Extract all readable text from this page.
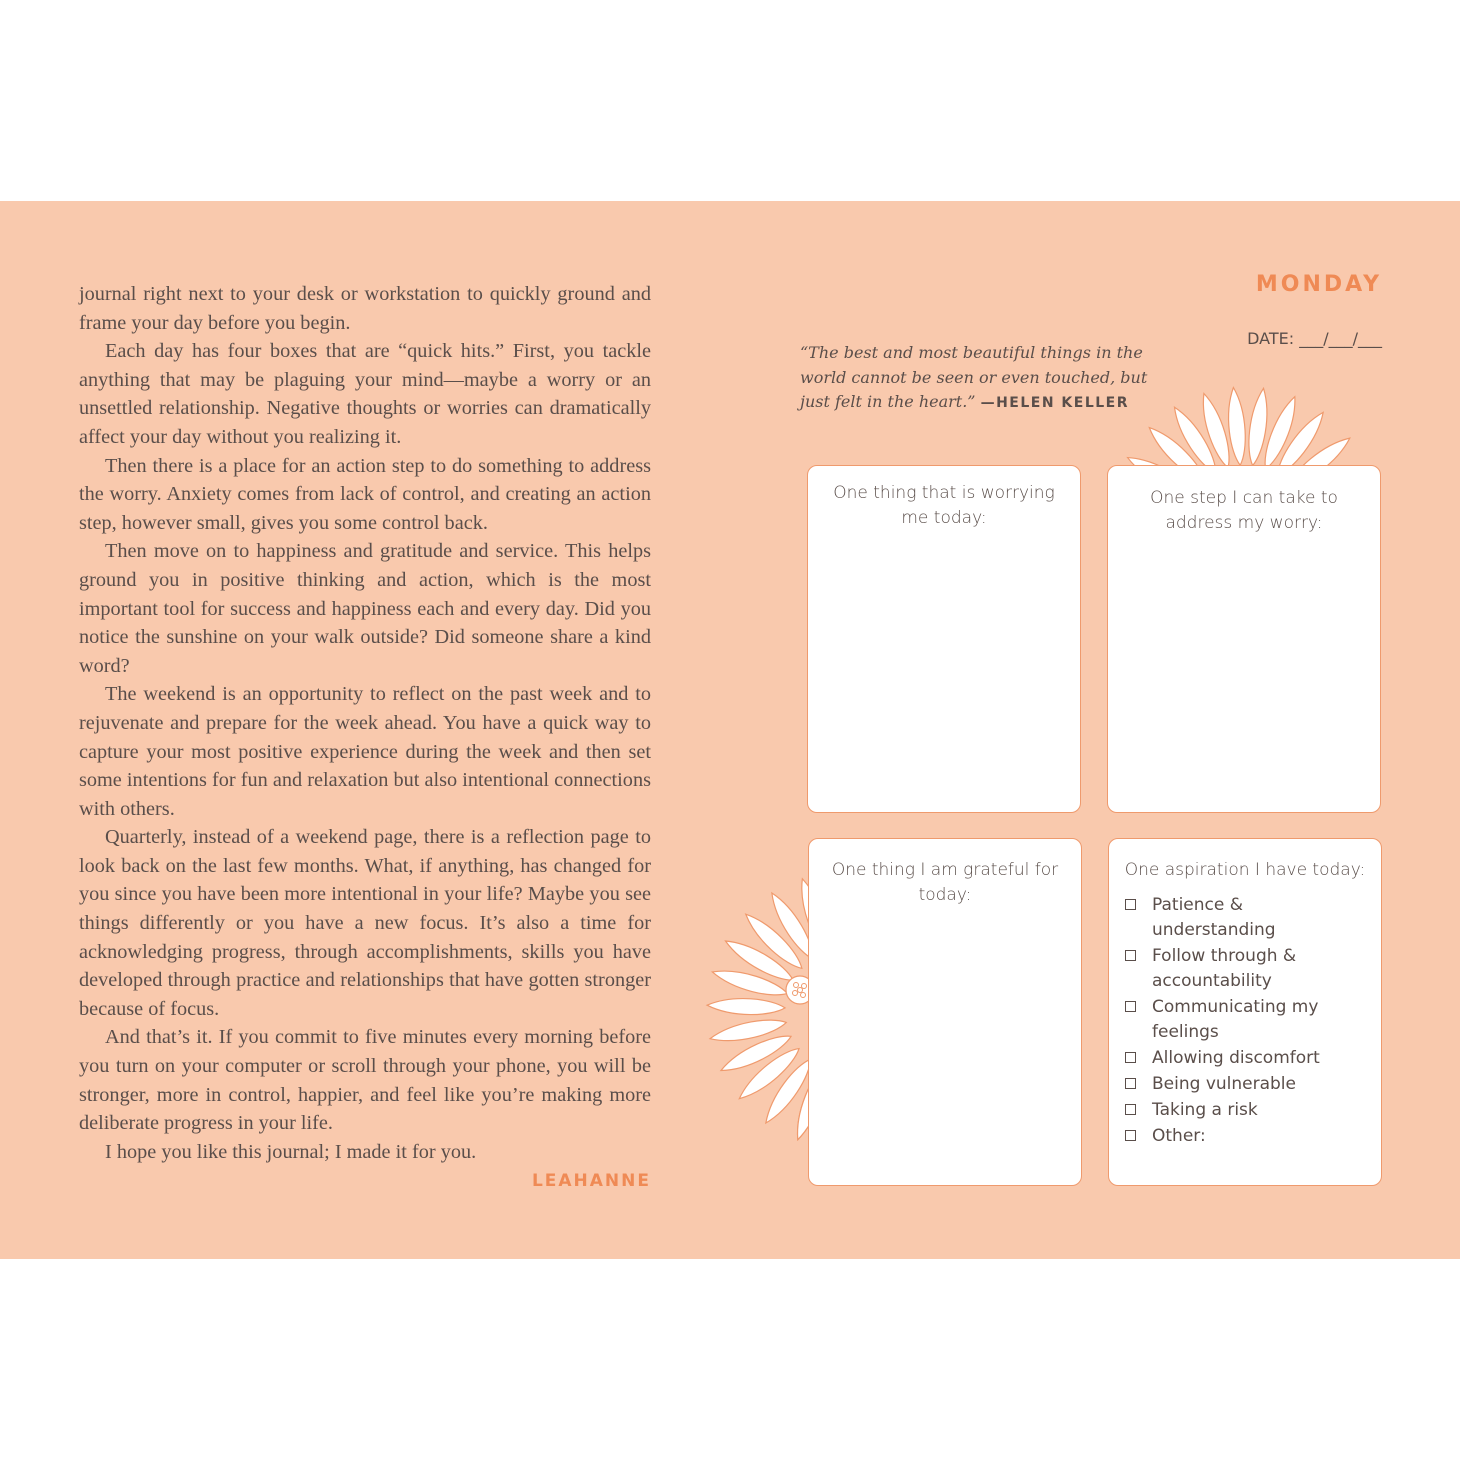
journal right next to your desk or workstation to quickly ground and frame your day before you begin.

Each day has four boxes that are “quick hits.” First, you tackle anything that may be plaguing your mind—maybe a worry or an unsettled relationship. Negative thoughts or worries can dramatically affect your day without you realizing it.

Then there is a place for an action step to do something to address the worry. Anxiety comes from lack of control, and creating an action step, however small, gives you some control back.

Then move on to happiness and gratitude and service. This helps ground you in positive thinking and action, which is the most important tool for success and happiness each and every day. Did you notice the sunshine on your walk outside? Did someone share a kind word?

The weekend is an opportunity to reflect on the past week and to rejuvenate and prepare for the week ahead. You have a quick way to capture your most positive experience during the week and then set some intentions for fun and relaxation but also intentional connections with others.

Quarterly, instead of a weekend page, there is a reflection page to look back on the last few months. What, if anything, has changed for you since you have been more intentional in your life? Maybe you see things differently or you have a new focus. It’s also a time for acknowledging progress, through accomplishments, skills you have developed through practice and relationships that have gotten stronger because of focus.

And that’s it. If you commit to five minutes every morning before you turn on your computer or scroll through your phone, you will be stronger, more in control, happier, and feel like you’re making more deliberate progress in your life.

I hope you like this journal; I made it for you.

LEAHANNE
MONDAY
DATE: ___/___/___
“The best and most beautiful things in the world cannot be seen or even touched, but just felt in the heart.” —HELEN KELLER
One thing that is worrying me today:
One step I can take to address my worry:
One thing I am grateful for today:
One aspiration I have today:
Patience & understanding
Follow through & accountability
Communicating my feelings
Allowing discomfort
Being vulnerable
Taking a risk
Other:
